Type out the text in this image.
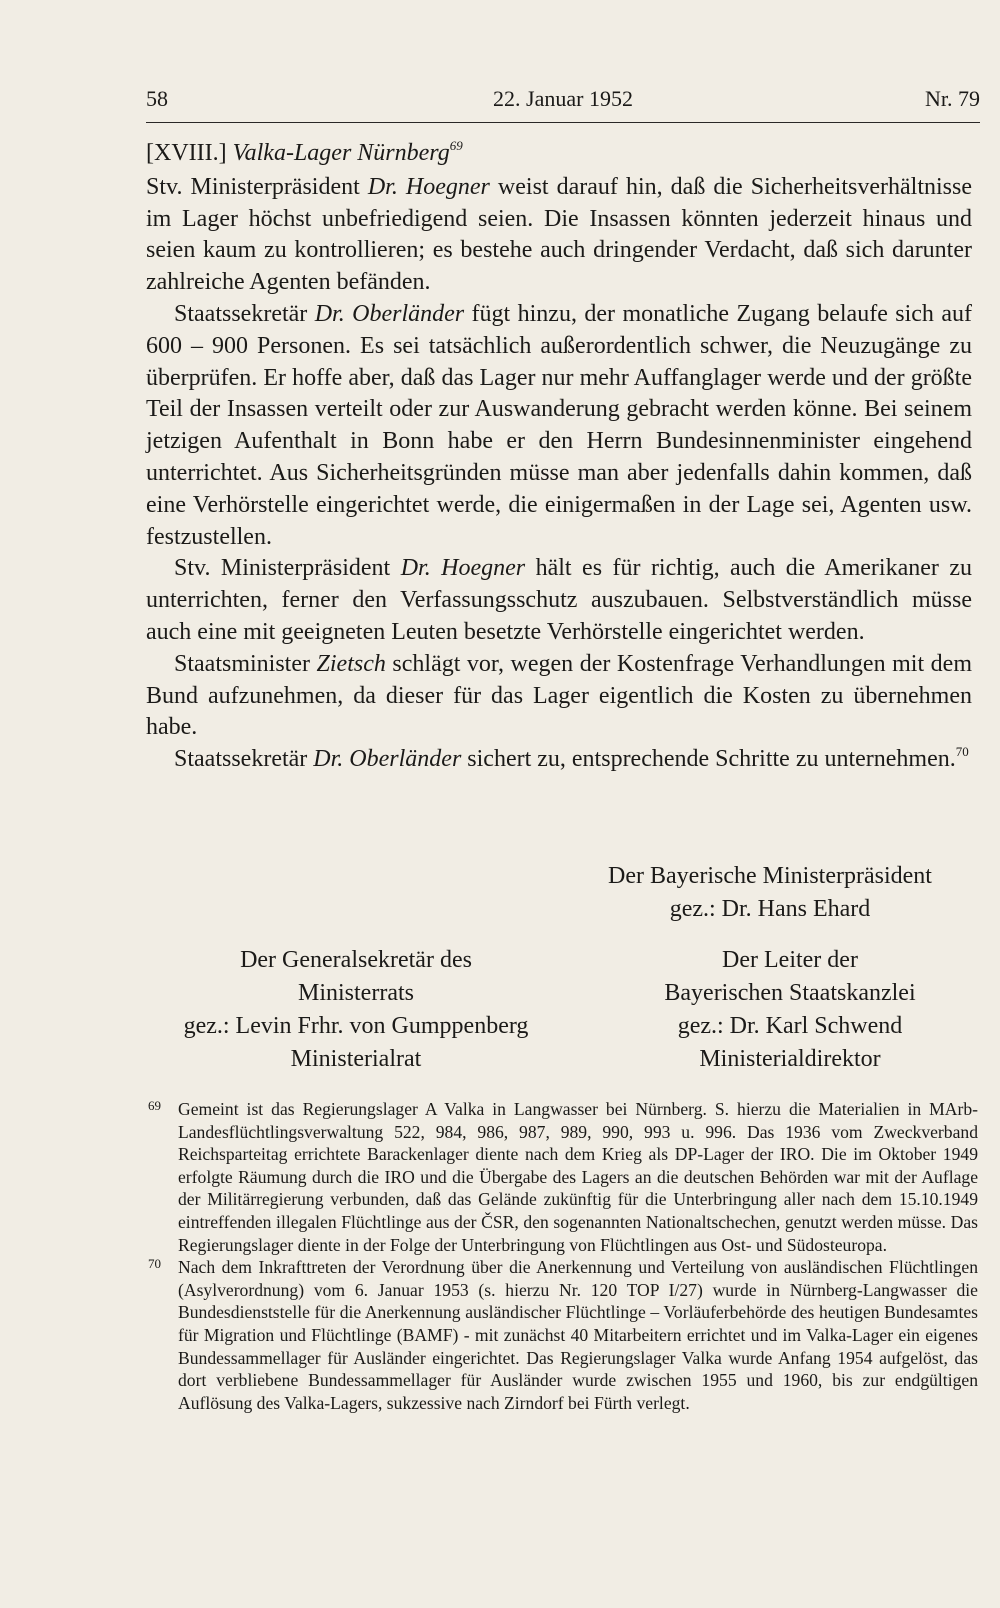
58	22. Januar 1952	Nr. 79

[XVIII.] Valka-Lager Nürnberg$^{69}$

Stv. Ministerpräsident Dr. Hoegner weist darauf hin, daß die Sicherheitsverhältnisse im Lager höchst unbefriedigend seien. Die Insassen könnten jederzeit hinaus und seien kaum zu kontrollieren; es bestehe auch dringender Verdacht, daß sich darunter zahlreiche Agenten befänden.

Staatssekretär Dr. Oberländer fügt hinzu, der monatliche Zugang belaufe sich auf 600 – 900 Personen. Es sei tatsächlich außerordentlich schwer, die Neuzugänge zu überprüfen. Er hoffe aber, daß das Lager nur mehr Auffanglager werde und der größte Teil der Insassen verteilt oder zur Auswanderung gebracht werden könne. Bei seinem jetzigen Aufenthalt in Bonn habe er den Herrn Bundesinnenminister eingehend unterrichtet. Aus Sicherheitsgründen müsse man aber jedenfalls dahin kommen, daß eine Verhörstelle eingerichtet werde, die einigermaßen in der Lage sei, Agenten usw. festzustellen.

Stv. Ministerpräsident Dr. Hoegner hält es für richtig, auch die Amerikaner zu unterrichten, ferner den Verfassungsschutz auszubauen. Selbstverständlich müsse auch eine mit geeigneten Leuten besetzte Verhörstelle eingerichtet werden.

Staatsminister Zietsch schlägt vor, wegen der Kostenfrage Verhandlungen mit dem Bund aufzunehmen, da dieser für das Lager eigentlich die Kosten zu übernehmen habe.

Staatssekretär Dr. Oberländer sichert zu, entsprechende Schritte zu unternehmen.$^{70}$

Der Bayerische Ministerpräsident
gez.: Dr. Hans Ehard
Der Generalsekretär des
Ministerrats
gez.: Levin Frhr. von Gumppenberg
Ministerialrat
Der Leiter der
Bayerischen Staatskanzlei
gez.: Dr. Karl Schwend
Ministerialdirektor

69 Gemeint ist das Regierungslager A Valka in Langwasser bei Nürnberg. S. hierzu die Materialien in MArb-Landesflüchtlingsverwaltung 522, 984, 986, 987, 989, 990, 993 u. 996. Das 1936 vom Zweckverband Reichsparteitag errichtete Barackenlager diente nach dem Krieg als DP-Lager der IRO. Die im Oktober 1949 erfolgte Räumung durch die IRO und die Übergabe des Lagers an die deutschen Behörden war mit der Auflage der Militärregierung verbunden, daß das Gelände zukünftig für die Unterbringung aller nach dem 15.10.1949 eintreffenden illegalen Flüchtlinge aus der ČSR, den sogenannten Nationaltschechen, genutzt werden müsse. Das Regierungslager diente in der Folge der Unterbringung von Flüchtlingen aus Ost- und Südosteuropa.

70 Nach dem Inkrafttreten der Verordnung über die Anerkennung und Verteilung von ausländischen Flüchtlingen (Asylverordnung) vom 6. Januar 1953 (s. hierzu Nr. 120 TOP I/27) wurde in Nürnberg-Langwasser die Bundesdienststelle für die Anerkennung ausländischer Flüchtlinge – Vorläuferbehörde des heutigen Bundesamtes für Migration und Flüchtlinge (BAMF) - mit zunächst 40 Mitarbeitern errichtet und im Valka-Lager ein eigenes Bundessammellager für Ausländer eingerichtet. Das Regierungslager Valka wurde Anfang 1954 aufgelöst, das dort verbliebene Bundessammellager für Ausländer wurde zwischen 1955 und 1960, bis zur endgültigen Auflösung des Valka-Lagers, sukzessive nach Zirndorf bei Fürth verlegt.
